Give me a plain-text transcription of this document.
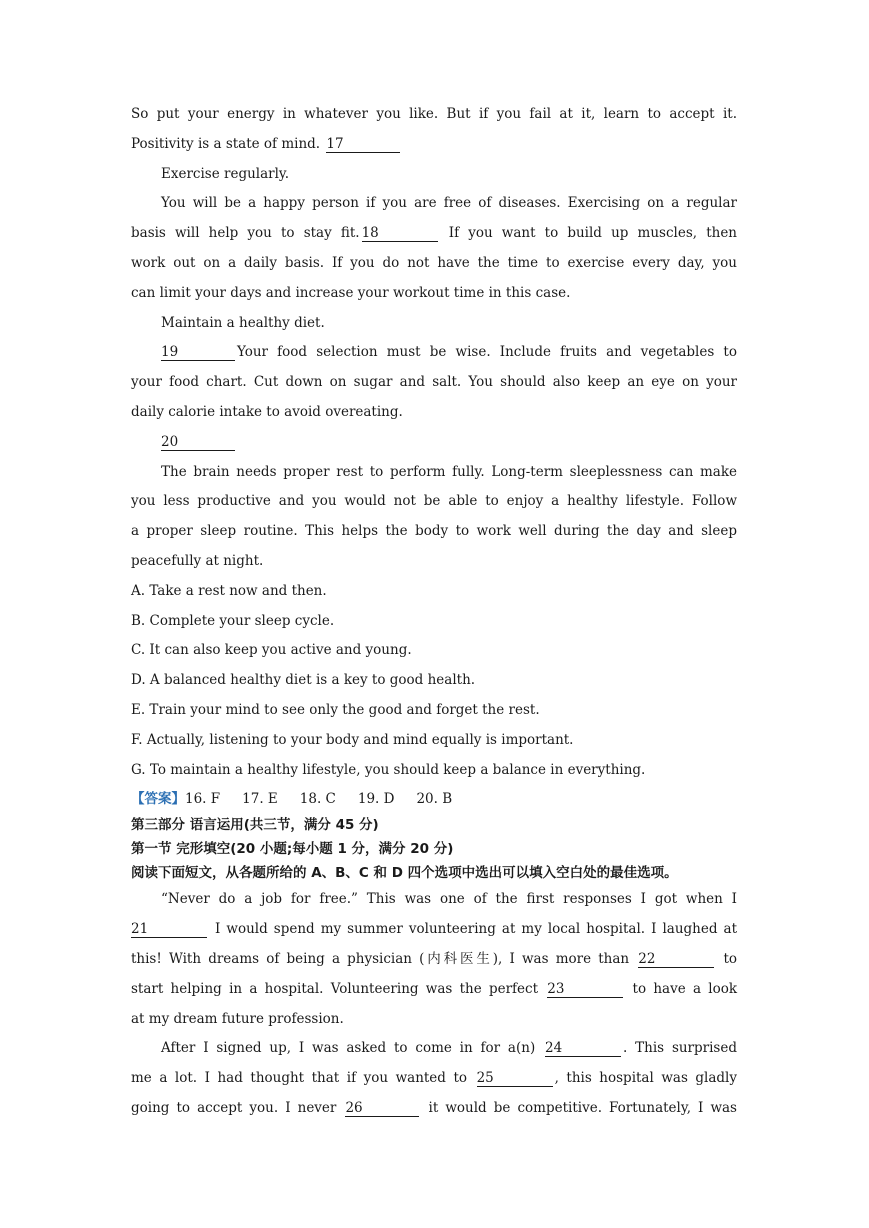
So put your energy in whatever you like. But if you fail at it, learn to accept it.
Positivity is a state of mind. 17
Exercise regularly.
You will be a happy person if you are free of diseases. Exercising on a regular
basis will help you to stay fit. 18	If you want to build up muscles, then
work out on a daily basis. If you do not have the time to exercise every day, you
can limit your days and increase your workout time in this case.
Maintain a healthy diet.
19	Your food selection must be wise. Include fruits and vegetables to
your food chart. Cut down on sugar and salt. You should also keep an eye on your
daily calorie intake to avoid overeating.
20
The brain needs proper rest to perform fully. Long-term sleeplessness can make
you less productive and you would not be able to enjoy a healthy lifestyle. Follow
a proper sleep routine. This helps the body to work well during the day and sleep
peacefully at night.
A. Take a rest now and then.
B. Complete your sleep cycle.
C. It can also keep you active and young.
D. A balanced healthy diet is a key to good health.
E. Train your mind to see only the good and forget the rest.
F. Actually, listening to your body and mind equally is important.
G. To maintain a healthy lifestyle, you should keep a balance in everything.
【答案】16. F 17. E 18. C 19. D 20. B
第三部分 语言运用(共三节，满分 45 分)
第一节 完形填空(20 小题;每小题 1 分，满分 20 分)
阅读下面短文，从各题所给的 A、B、C 和 D 四个选项中选出可以填入空白处的最佳选项。
“Never do a job for free.” This was one of the first responses I got when I
21	I would spend my summer volunteering at my local hospital. I laughed at
this! With dreams of being a physician (内科医生), I was more than 22	to
start helping in a hospital. Volunteering was the perfect 23	to have a look
at my dream future profession.
After I signed up, I was asked to come in for a(n) 24	. This surprised
me a lot. I had thought that if you wanted to 25	, this hospital was gladly
going to accept you. I never 26	it would be competitive. Fortunately, I was
